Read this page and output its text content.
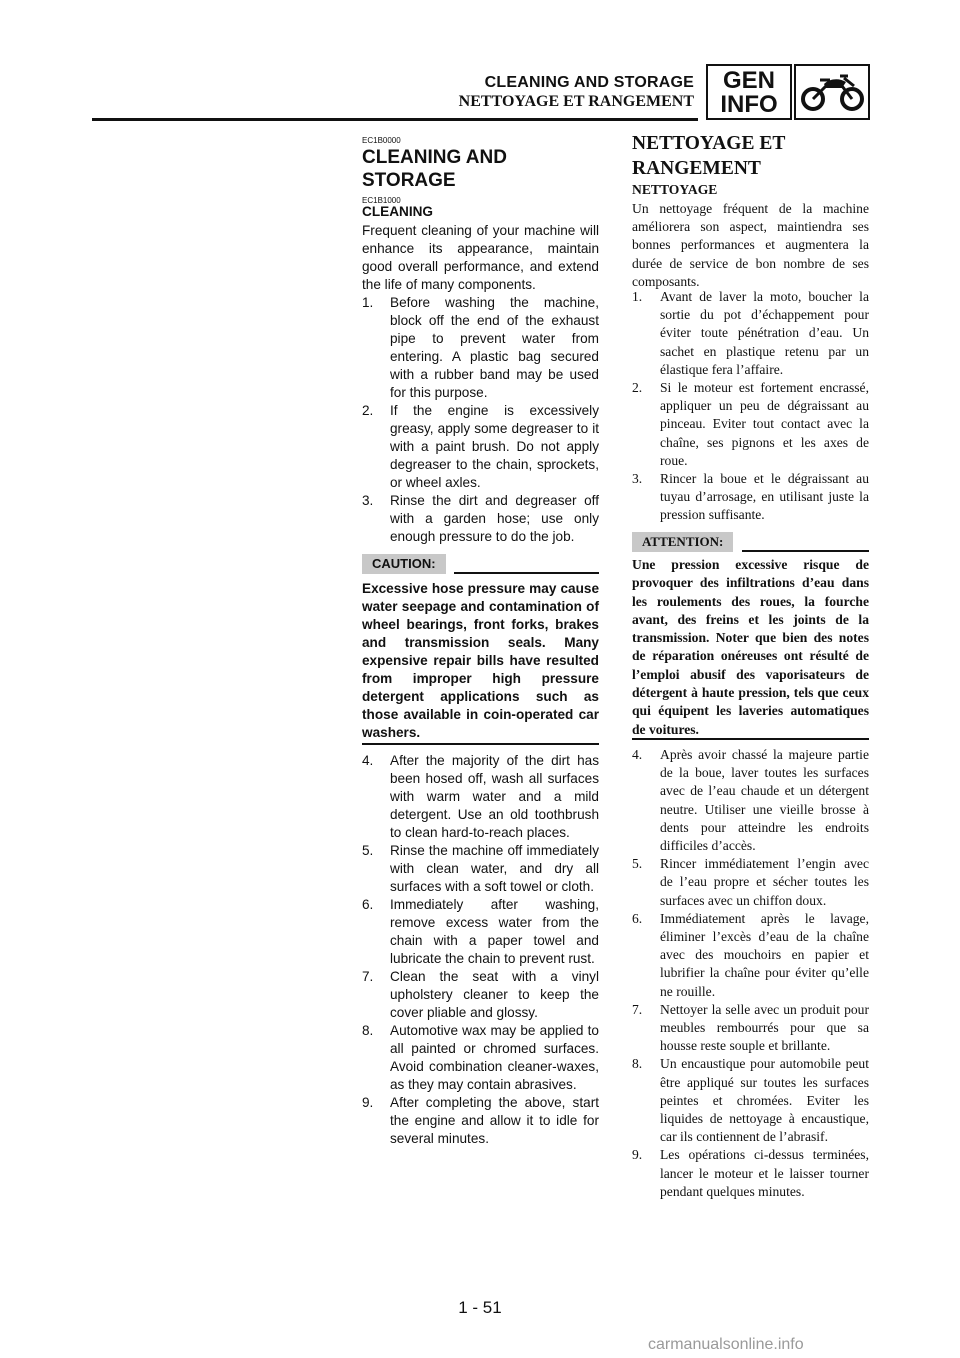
CLEANING AND STORAGE
NETTOYAGE ET RANGEMENT
GEN
INFO
EC1B0000
CLEANING AND
STORAGE
EC1B1000
CLEANING
Frequent cleaning of your machine will enhance its appearance, maintain good overall performance, and extend the life of many components.
1. Before washing the machine, block off the end of the exhaust pipe to prevent water from entering. A plastic bag secured with a rubber band may be used for this purpose.
2. If the engine is excessively greasy, apply some degreaser to it with a paint brush. Do not apply degreaser to the chain, sprockets, or wheel axles.
3. Rinse the dirt and degreaser off with a garden hose; use only enough pressure to do the job.
CAUTION:
Excessive hose pressure may cause water seepage and contamination of wheel bearings, front forks, brakes and transmission seals. Many expensive repair bills have resulted from improper high pressure detergent applications such as those available in coin-operated car washers.
4. After the majority of the dirt has been hosed off, wash all surfaces with warm water and a mild detergent. Use an old toothbrush to clean hard-to-reach places.
5. Rinse the machine off immediately with clean water, and dry all surfaces with a soft towel or cloth.
6. Immediately after washing, remove excess water from the chain with a paper towel and lubricate the chain to prevent rust.
7. Clean the seat with a vinyl upholstery cleaner to keep the cover pliable and glossy.
8. Automotive wax may be applied to all painted or chromed surfaces. Avoid combination cleaner-waxes, as they may contain abrasives.
9. After completing the above, start the engine and allow it to idle for several minutes.
NETTOYAGE ET
RANGEMENT
NETTOYAGE
Un nettoyage fréquent de la machine améliorera son aspect, maintiendra ses bonnes performances et augmentera la durée de service de bon nombre de ses composants.
1. Avant de laver la moto, boucher la sortie du pot d’échappement pour éviter toute pénétration d’eau. Un sachet en plastique retenu par un élastique fera l’affaire.
2. Si le moteur est fortement encrassé, appliquer un peu de dégraissant au pinceau. Eviter tout contact avec la chaîne, ses pignons et les axes de roue.
3. Rincer la boue et le dégraissant au tuyau d’arrosage, en utilisant juste la pression suffisante.
ATTENTION:
Une pression excessive risque de provoquer des infiltrations d’eau dans les roulements des roues, la fourche avant, des freins et les joints de la transmission. Noter que bien des notes de réparation onéreuses ont résulté de l’emploi abusif des vaporisateurs de détergent à haute pression, tels que ceux qui équipent les laveries automatiques de voitures.
4. Après avoir chassé la majeure partie de la boue, laver toutes les surfaces avec de l’eau chaude et un détergent neutre. Utiliser une vieille brosse à dents pour atteindre les endroits difficiles d’accès.
5. Rincer immédiatement l’engin avec de l’eau propre et sécher toutes les surfaces avec un chiffon doux.
6. Immédiatement après le lavage, éliminer l’excès d’eau de la chaîne avec des mouchoirs en papier et lubrifier la chaîne pour éviter qu’elle ne rouille.
7. Nettoyer la selle avec un produit pour meubles rembourrés pour que sa housse reste souple et brillante.
8. Un encaustique pour automobile peut être appliqué sur toutes les surfaces peintes et chromées. Eviter les liquides de nettoyage à encaustique, car ils contiennent de l’abrasif.
9. Les opérations ci-dessus terminées, lancer le moteur et le laisser tourner pendant quelques minutes.
1 - 51
carmanualsonline.info
